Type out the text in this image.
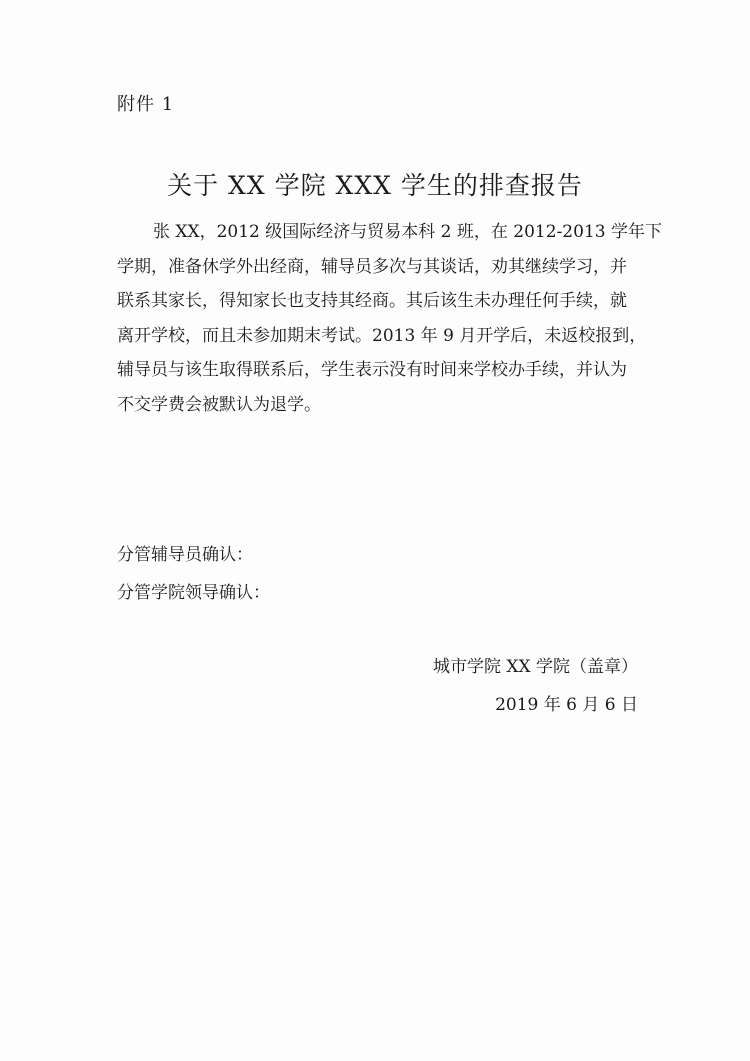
附件 1
关于 XX 学院 XXX 学生的排查报告
张 XX，2012 级国际经济与贸易本科 2 班，在 2012-2013 学年下
学期，准备休学外出经商，辅导员多次与其谈话，劝其继续学习，并
联系其家长，得知家长也支持其经商。其后该生未办理任何手续，就
离开学校，而且未参加期末考试。2013 年 9 月开学后，未返校报到，
辅导员与该生取得联系后，学生表示没有时间来学校办手续，并认为
不交学费会被默认为退学。
分管辅导员确认：
分管学院领导确认：
城市学院 XX 学院（盖章）
2019 年 6 月 6 日
